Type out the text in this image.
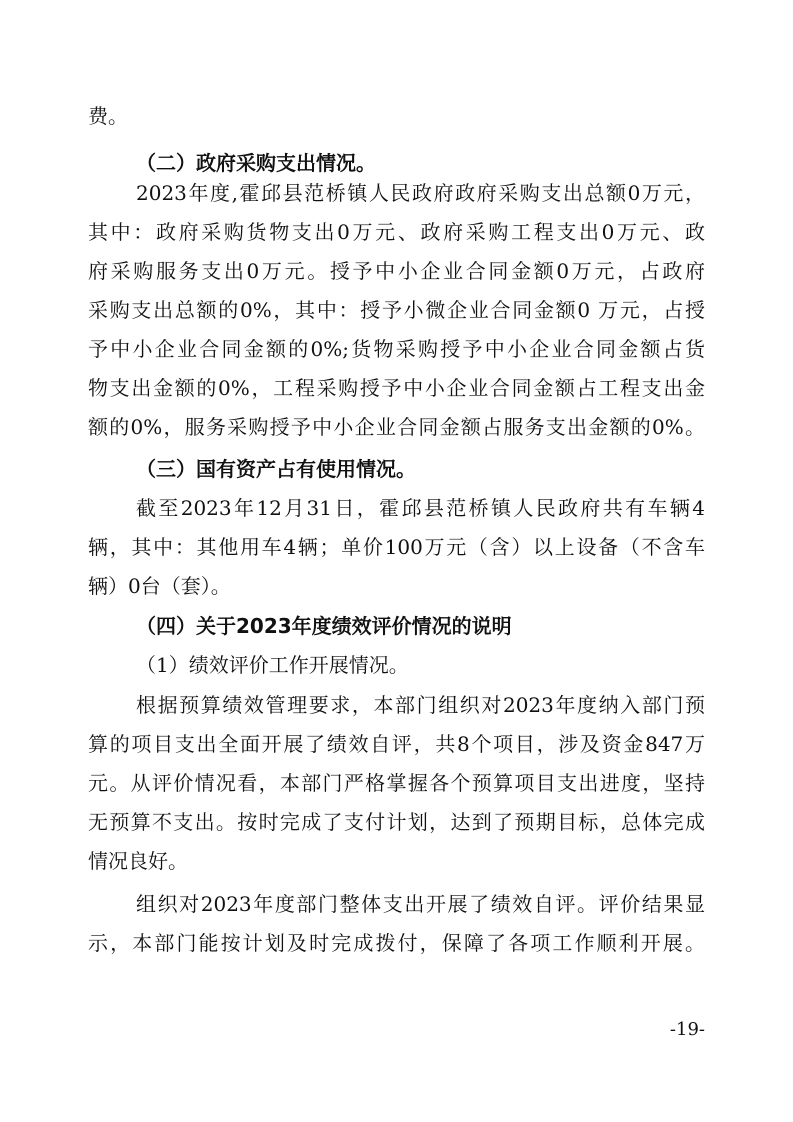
费。
（二）政府采购支出情况。
2023年度,霍邱县范桥镇人民政府政府采购支出总额0万元，
其中：政府采购货物支出0万元、政府采购工程支出0万元、政
府采购服务支出0万元。授予中小企业合同金额0万元，占政府
采购支出总额的0%，其中：授予小微企业合同金额0 万元，占授
予中小企业合同金额的0%;货物采购授予中小企业合同金额占货
物支出金额的0%，工程采购授予中小企业合同金额占工程支出金
额的0%，服务采购授予中小企业合同金额占服务支出金额的0%。
（三）国有资产占有使用情况。
截至2023年12月31日，霍邱县范桥镇人民政府共有车辆4
辆，其中：其他用车4辆；单价100万元（含）以上设备（不含车
辆）0台（套）。
（四）关于2023年度绩效评价情况的说明
（1）绩效评价工作开展情况。
根据预算绩效管理要求，本部门组织对2023年度纳入部门预
算的项目支出全面开展了绩效自评，共8个项目，涉及资金847万
元。从评价情况看，本部门严格掌握各个预算项目支出进度，坚持
无预算不支出。按时完成了支付计划，达到了预期目标，总体完成
情况良好。
组织对2023年度部门整体支出开展了绩效自评。评价结果显
示，本部门能按计划及时完成拨付，保障了各项工作顺利开展。
-19-
